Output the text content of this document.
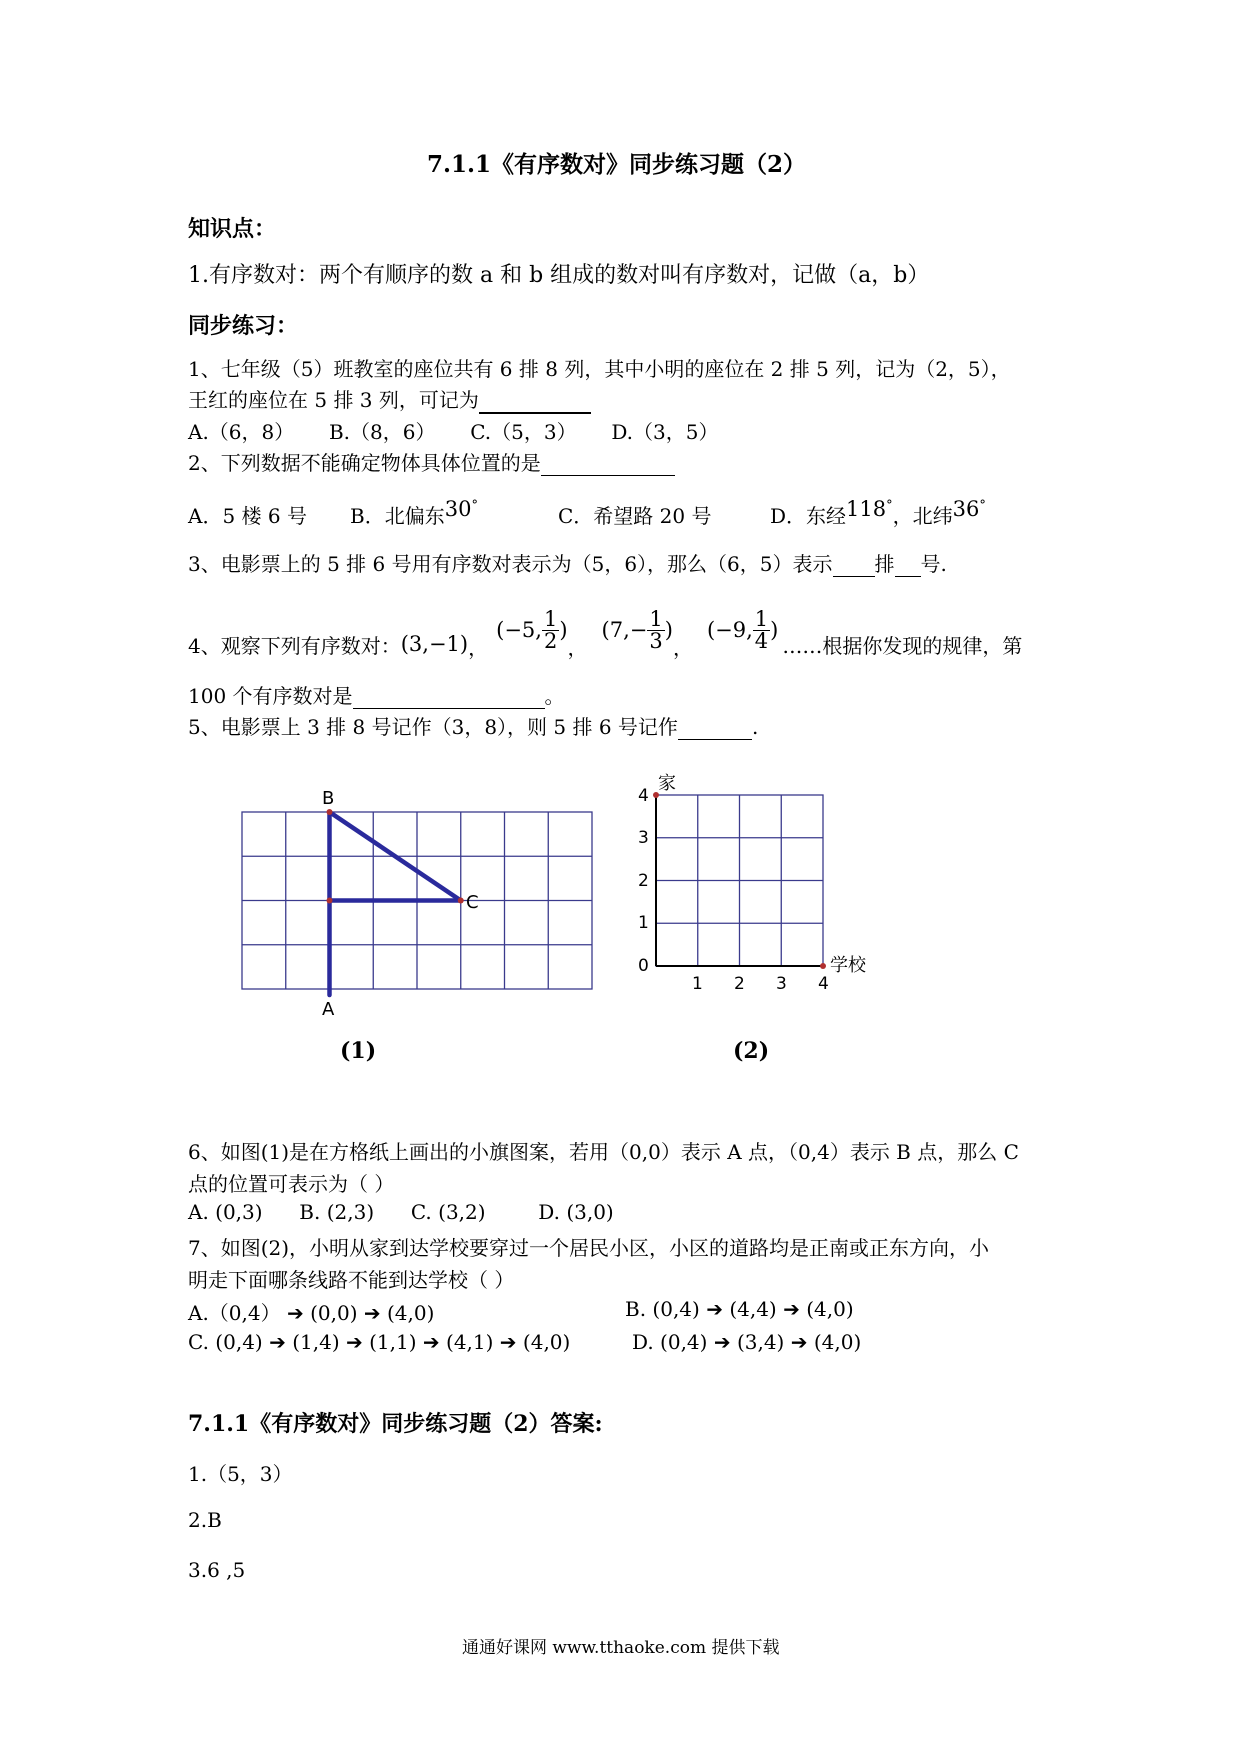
7.1.1《有序数对》同步练习题（2）
知识点：
1.有序数对：两个有顺序的数 a 和 b 组成的数对叫有序数对，记做（a，b）
同步练习：
1、七年级（5）班教室的座位共有 6 排 8 列，其中小明的座位在 2 排 5 列，记为（2，5），
王红的座位在 5 排 3 列，可记为
A.（6，8） B.（8，6） C.（5，3） D.（3，5）
2、下列数据不能确定物体具体位置的是
A．5 楼 6 号 B．北偏东30°	C．希望路 20 号	D．东经118°，北纬36°
3、电影票上的 5 排 6 号用有序数对表示为（5，6），那么（6，5）表示 排 号.
4、观察下列有序数对： (3,−1) ，
(−5, $\frac{1}{2}$ )
，
($7,- \frac{1}{3}$ )
，
(−9, $\frac{1}{4}$ )
……根据你发现的规律，第
100 个有序数对是	。
5、电影票上 3 排 8 号记作（3，8），则 5 排 6 号记作	.
B
C
A
(1)
家
学校
4
3
2
1
0
1 2 3 4
(2)
6、如图(1)是在方格纸上画出的小旗图案，若用（0,0）表示 A 点，（0,4）表示 B 点，那么 C
点的位置可表示为（ ）
A. (0,3) B. (2,3) C. (3,2)	D. (3,0)
7、如图(2)，小明从家到达学校要穿过一个居民小区，小区的道路均是正南或正东方向，小
明走下面哪条线路不能到达学校（ ）
A.（0,4） ➔ (0,0) ➔ (4,0)	B. (0,4) ➔ (4,4) ➔ (4,0)
C. (0,4) ➔ (1,4) ➔ (1,1) ➔ (4,1) ➔ (4,0)	D. (0,4) ➔ (3,4) ➔ (4,0)
7.1.1《有序数对》同步练习题（2）答案:
1.（5，3）
2.B
3.6 ,5
通通好课网 www.tthaoke.com 提供下载
